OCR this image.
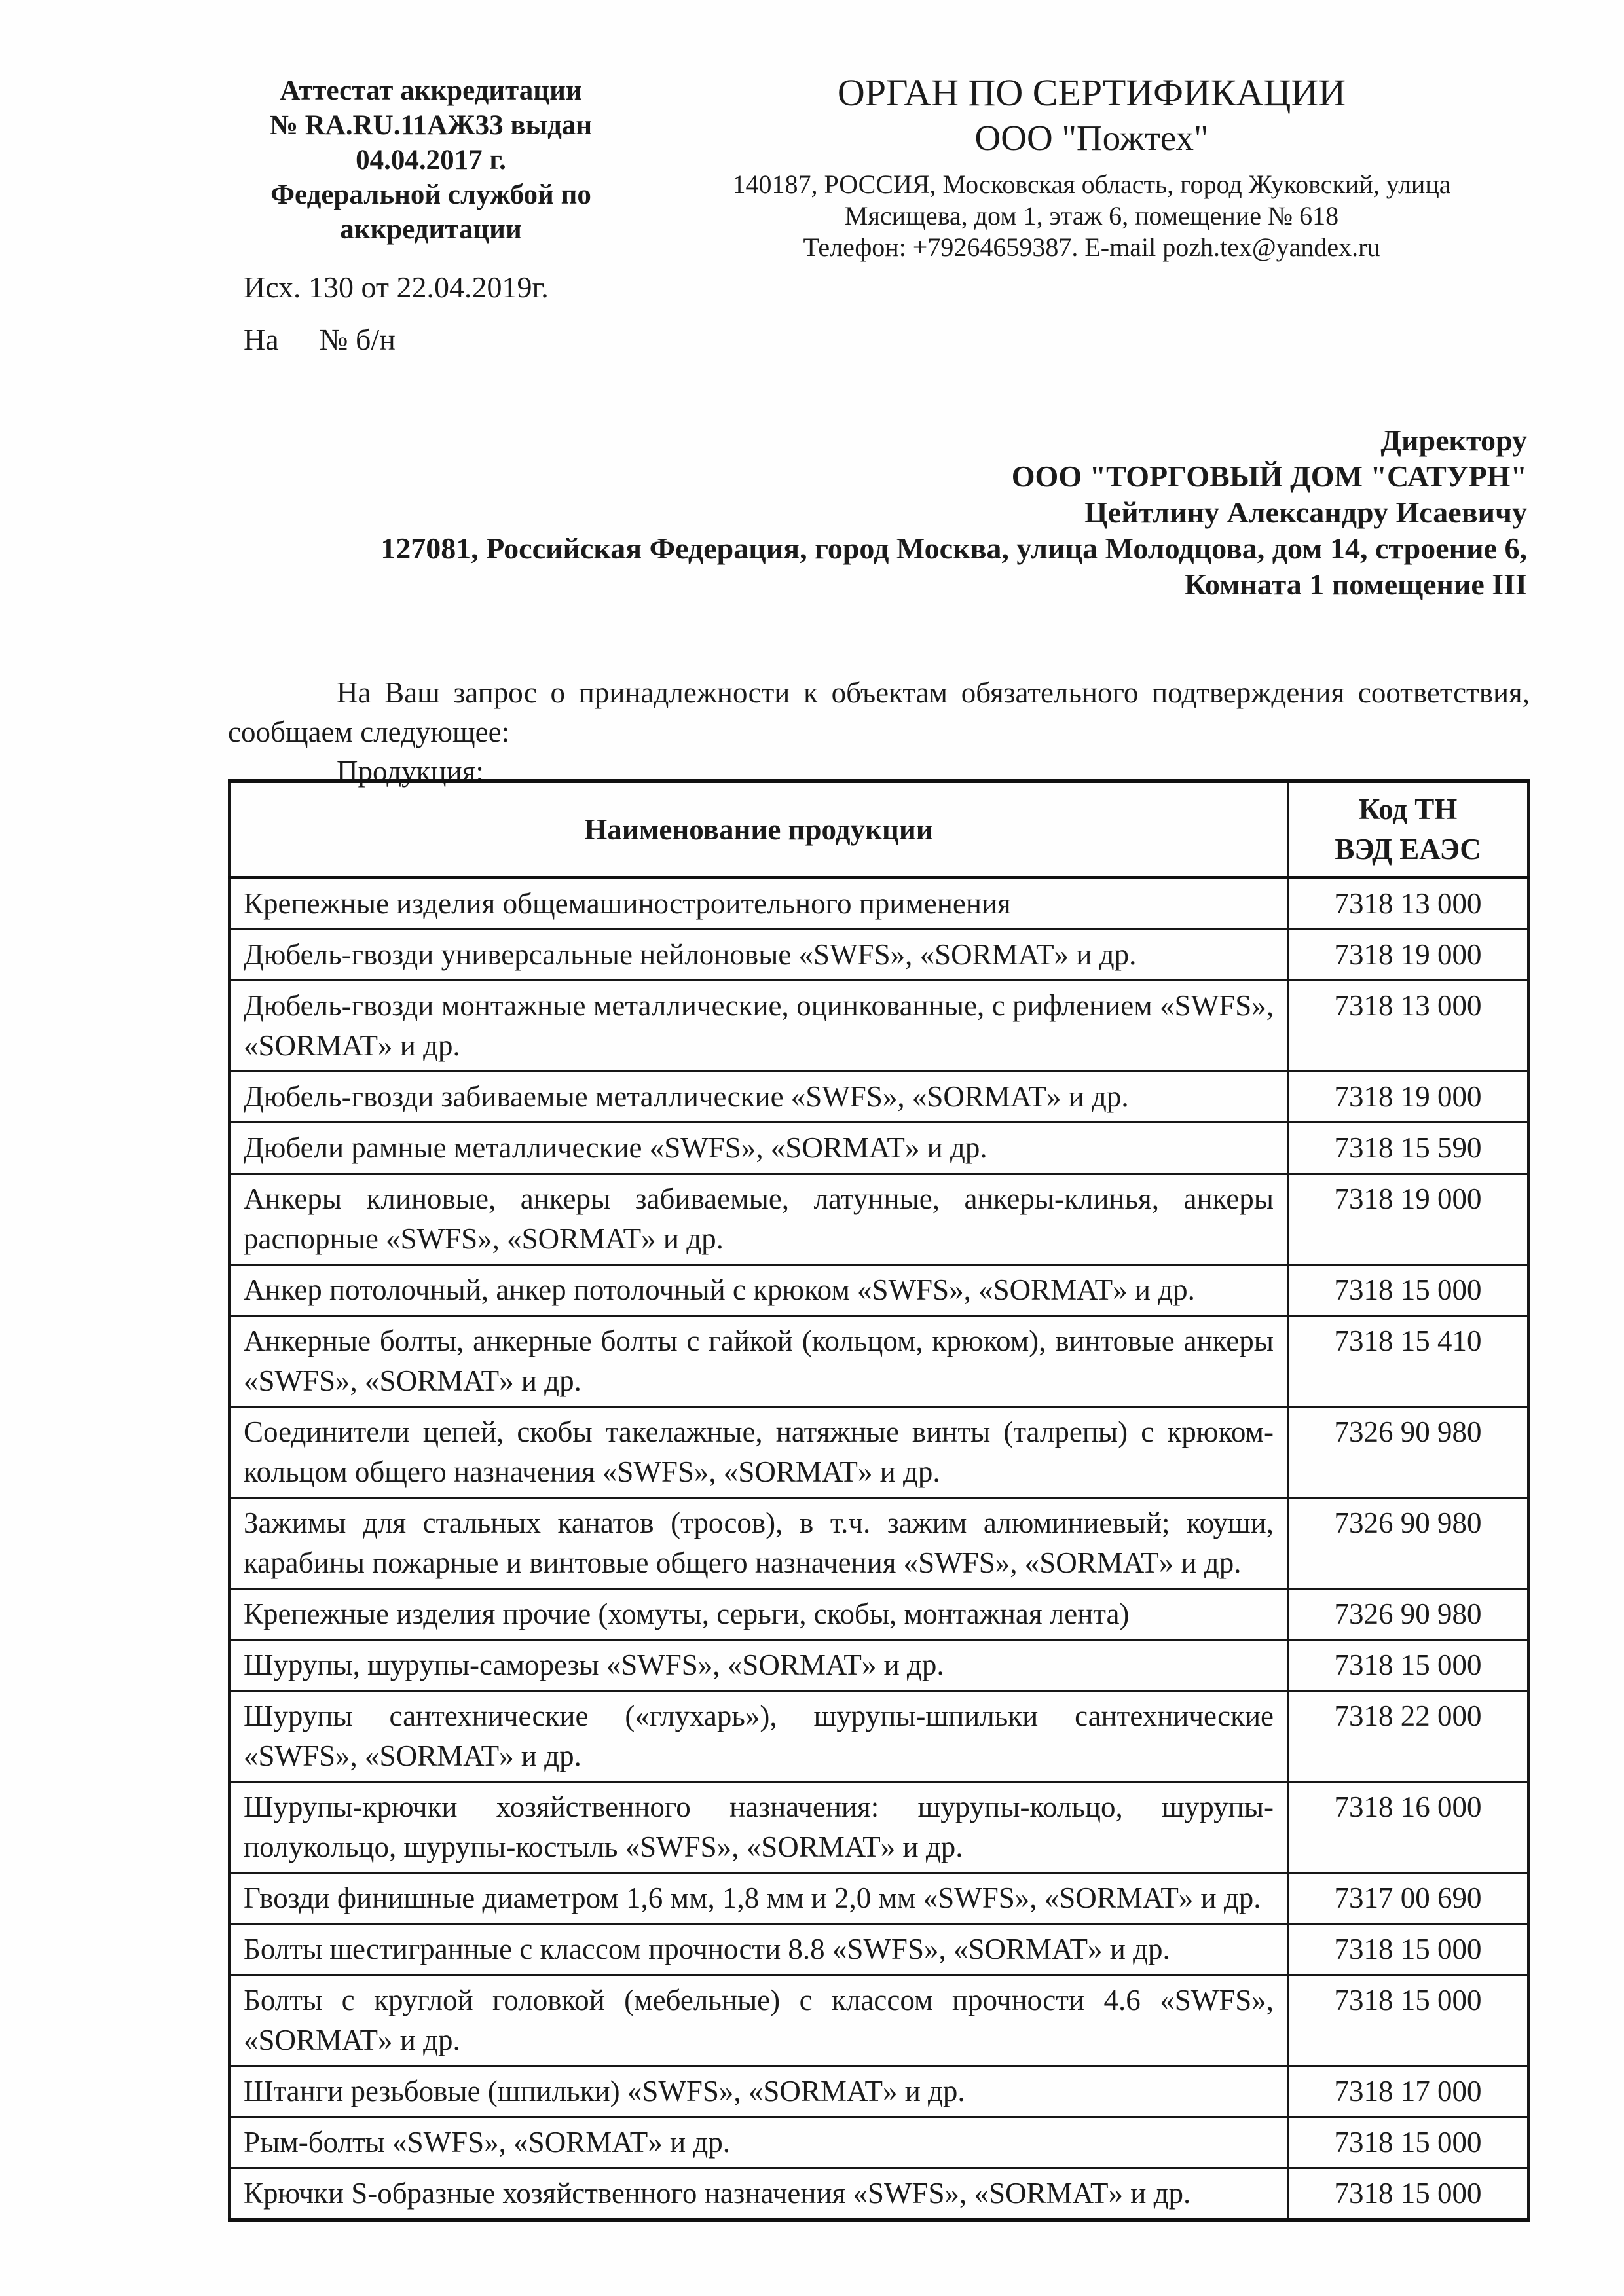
Аттестат аккредитации
№ RA.RU.11АЖ33 выдан
04.04.2017 г.
Федеральной службой по
аккредитации
Исх. 130 от 22.04.2019г.
На № б/н
ОРГАН ПО СЕРТИФИКАЦИИ
ООО "Пожтех"
140187, РОССИЯ, Московская область, город Жуковский, улица
Мясищева, дом 1, этаж 6, помещение № 618
Телефон: +79264659387. E-mail pozh.tex@yandex.ru
Директору
ООО "ТОРГОВЫЙ ДОМ "САТУРН"
Цейтлину Александру Исаевичу
127081, Российская Федерация, город Москва, улица Молодцова, дом 14, строение 6,
Комната 1 помещение III
На Ваш запрос о принадлежности к объектам обязательного подтверждения соответствия,
сообщаем следующее:
Продукция:
Наименование продукции	Код ТН
ВЭД ЕАЭС

Крепежные изделия общемашиностроительного применения	7318 13 000
Дюбель-гвозди универсальные нейлоновые «SWFS», «SORMAT» и др.	7318 19 000
Дюбель-гвозди монтажные металлические, оцинкованные, с рифлением «SWFS», «SORMAT» и др.	7318 13 000
Дюбель-гвозди забиваемые металлические «SWFS», «SORMAT» и др.	7318 19 000
Дюбели рамные металлические «SWFS», «SORMAT» и др.	7318 15 590
Анкеры клиновые, анкеры забиваемые, латунные, анкеры-клинья, анкеры распорные «SWFS», «SORMAT» и др.	7318 19 000
Анкер потолочный, анкер потолочный с крюком «SWFS», «SORMAT» и др.	7318 15 000
Анкерные болты, анкерные болты с гайкой (кольцом, крюком), винтовые анкеры «SWFS», «SORMAT» и др.	7318 15 410
Соединители цепей, скобы такелажные, натяжные винты (талрепы) с крюком-кольцом общего назначения «SWFS», «SORMAT» и др.	7326 90 980
Зажимы для стальных канатов (тросов), в т.ч. зажим алюминиевый; коуши, карабины пожарные и винтовые общего назначения «SWFS», «SORMAT» и др.	7326 90 980
Крепежные изделия прочие (хомуты, серьги, скобы, монтажная лента)	7326 90 980
Шурупы, шурупы-саморезы «SWFS», «SORMAT» и др.	7318 15 000
Шурупы сантехнические («глухарь»), шурупы-шпильки сантехнические «SWFS», «SORMAT» и др.	7318 22 000
Шурупы-крючки хозяйственного назначения: шурупы-кольцо, шурупы-полукольцо, шурупы-костыль «SWFS», «SORMAT» и др.	7318 16 000
Гвозди финишные диаметром 1,6 мм, 1,8 мм и 2,0 мм «SWFS», «SORMAT» и др.	7317 00 690
Болты шестигранные с классом прочности 8.8 «SWFS», «SORMAT» и др.	7318 15 000
Болты с круглой головкой (мебельные) с классом прочности 4.6 «SWFS», «SORMAT» и др.	7318 15 000
Штанги резьбовые (шпильки) «SWFS», «SORMAT» и др.	7318 17 000
Рым-болты «SWFS», «SORMAT» и др.	7318 15 000
Крючки S-образные хозяйственного назначения «SWFS», «SORMAT» и др.	7318 15 000
